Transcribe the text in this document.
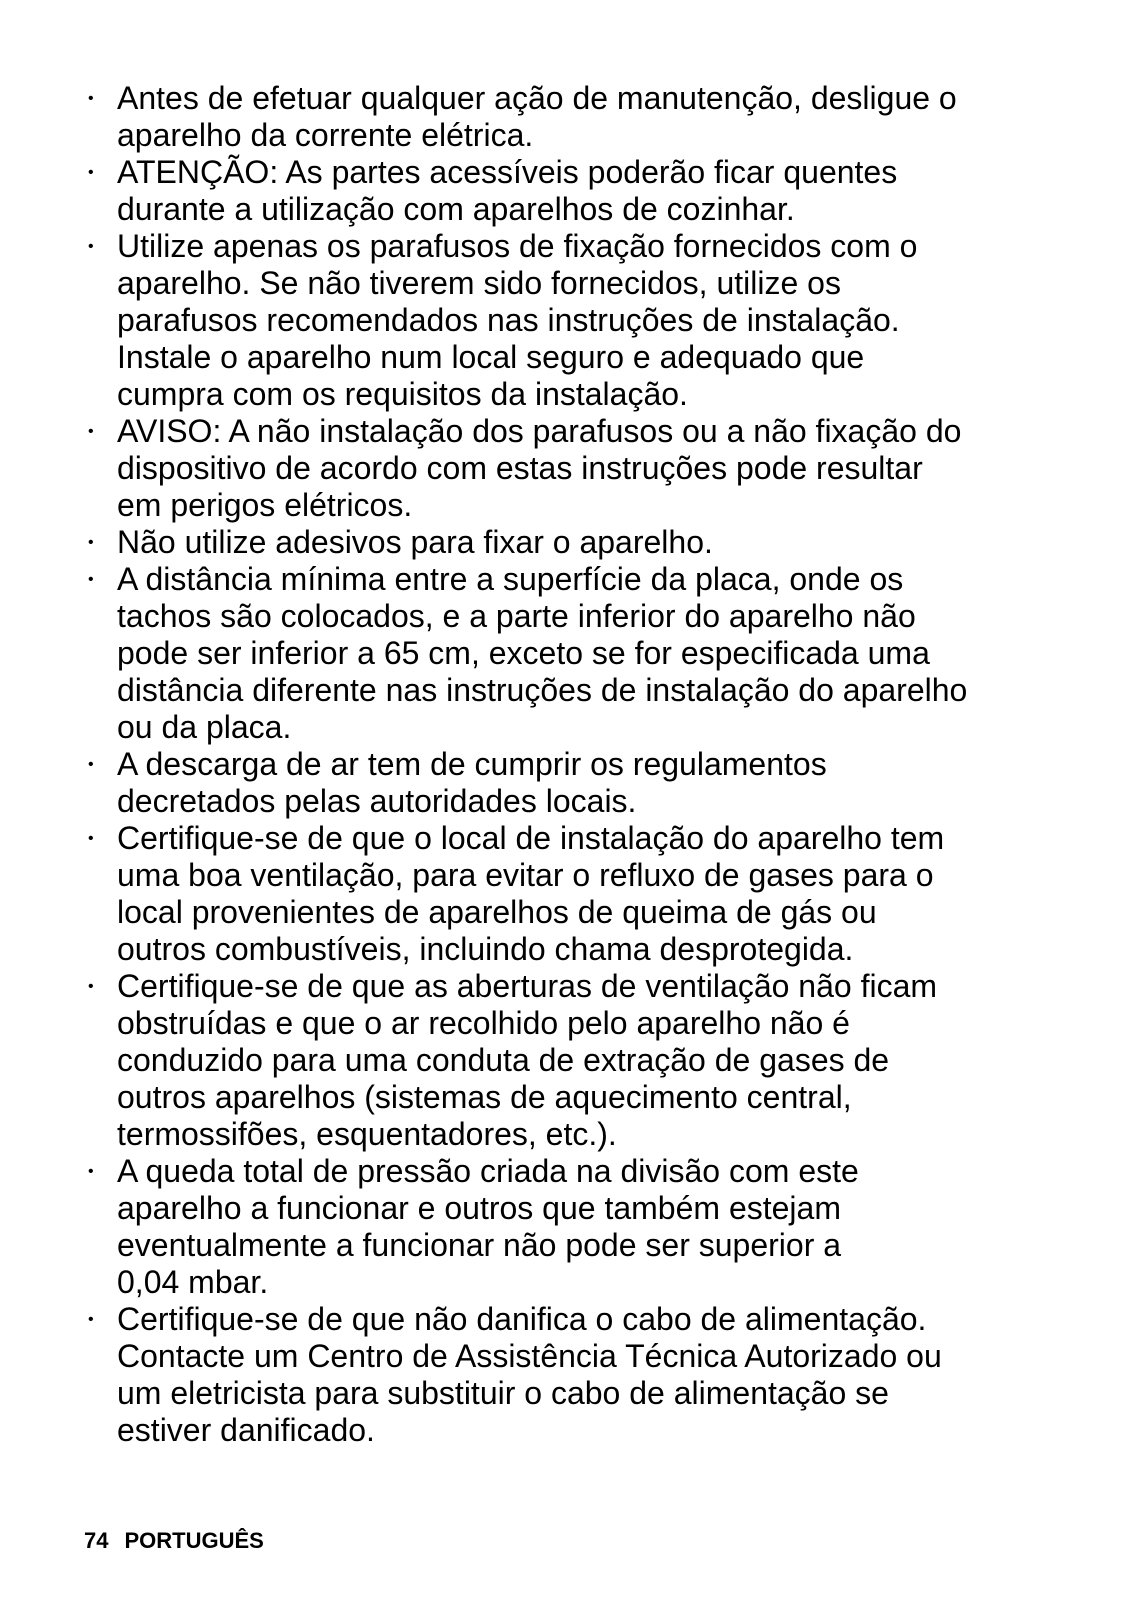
• Antes de efetuar qualquer ação de manutenção, desligue o
aparelho da corrente elétrica.
• ATENÇÃO: As partes acessíveis poderão ficar quentes
durante a utilização com aparelhos de cozinhar.
• Utilize apenas os parafusos de fixação fornecidos com o
aparelho. Se não tiverem sido fornecidos, utilize os
parafusos recomendados nas instruções de instalação.
Instale o aparelho num local seguro e adequado que
cumpra com os requisitos da instalação.
• AVISO: A não instalação dos parafusos ou a não fixação do
dispositivo de acordo com estas instruções pode resultar
em perigos elétricos.
• Não utilize adesivos para fixar o aparelho.
• A distância mínima entre a superfície da placa, onde os
tachos são colocados, e a parte inferior do aparelho não
pode ser inferior a 65 cm, exceto se for especificada uma
distância diferente nas instruções de instalação do aparelho
ou da placa.
• A descarga de ar tem de cumprir os regulamentos
decretados pelas autoridades locais.
• Certifique-se de que o local de instalação do aparelho tem
uma boa ventilação, para evitar o refluxo de gases para o
local provenientes de aparelhos de queima de gás ou
outros combustíveis, incluindo chama desprotegida.
• Certifique-se de que as aberturas de ventilação não ficam
obstruídas e que o ar recolhido pelo aparelho não é
conduzido para uma conduta de extração de gases de
outros aparelhos (sistemas de aquecimento central,
termossifões, esquentadores, etc.).
• A queda total de pressão criada na divisão com este
aparelho a funcionar e outros que também estejam
eventualmente a funcionar não pode ser superior a
0,04 mbar.
• Certifique-se de que não danifica o cabo de alimentação.
Contacte um Centro de Assistência Técnica Autorizado ou
um eletricista para substituir o cabo de alimentação se
estiver danificado.
74 PORTUGUÊS
